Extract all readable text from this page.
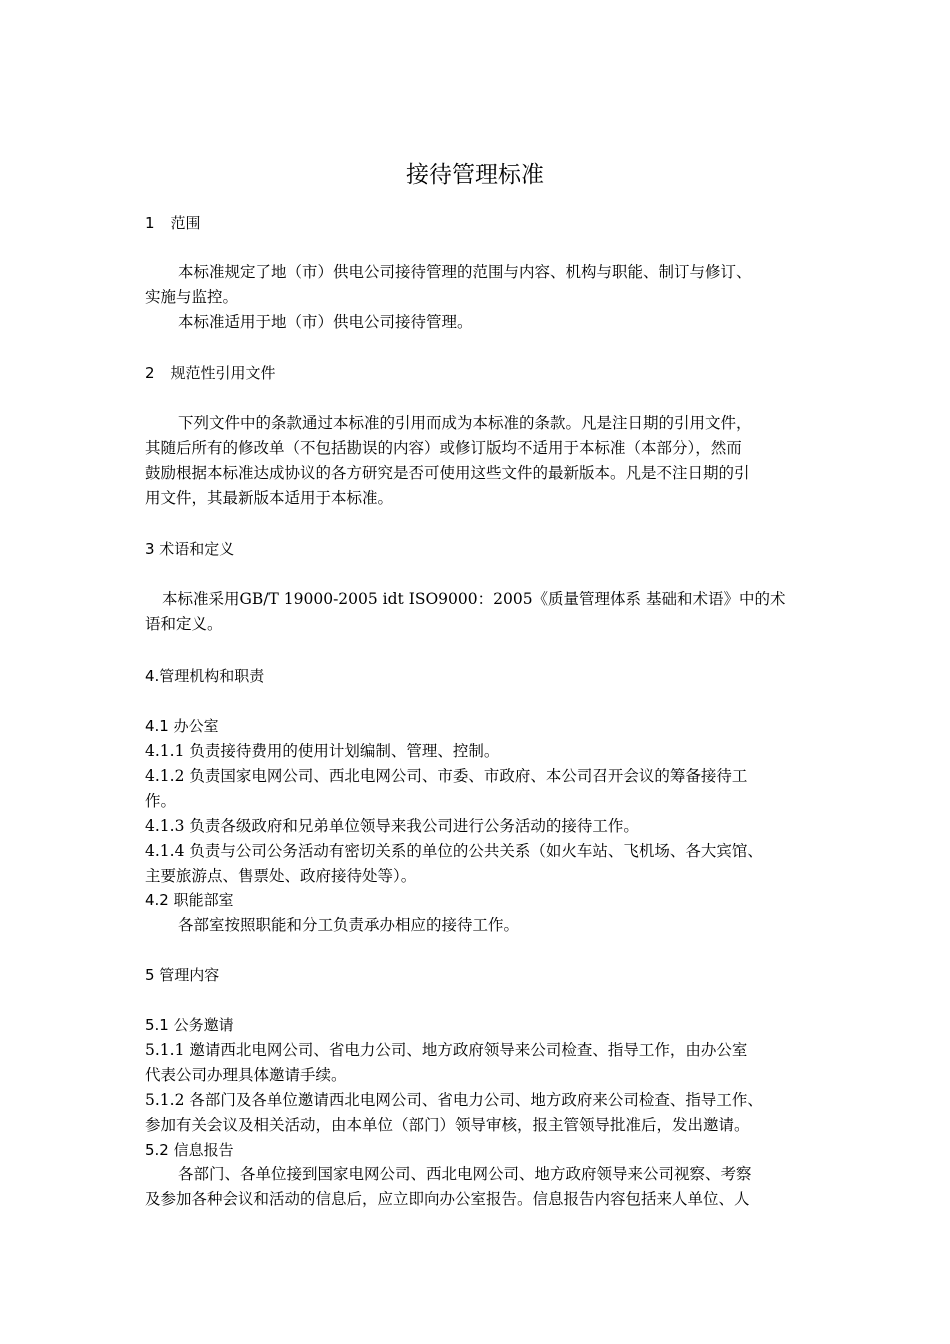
接待管理标准
1 范围
本标准规定了地（市）供电公司接待管理的范围与内容、机构与职能、制订与修订、
实施与监控。
本标准适用于地（市）供电公司接待管理。
2 规范性引用文件
下列文件中的条款通过本标准的引用而成为本标准的条款。凡是注日期的引用文件，
其随后所有的修改单（不包括勘误的内容）或修订版均不适用于本标准（本部分），然而
鼓励根据本标准达成协议的各方研究是否可使用这些文件的最新版本。凡是不注日期的引
用文件，其最新版本适用于本标准。
3 术语和定义
本标准采用GB/T 19000-2005 idt ISO9000：2005《质量管理体系 基础和术语》中的术
语和定义。
4.管理机构和职责
4.1 办公室
4.1.1 负责接待费用的使用计划编制、管理、控制。
4.1.2 负责国家电网公司、西北电网公司、市委、市政府、本公司召开会议的筹备接待工
作。
4.1.3 负责各级政府和兄弟单位领导来我公司进行公务活动的接待工作。
4.1.4 负责与公司公务活动有密切关系的单位的公共关系（如火车站、飞机场、各大宾馆、
主要旅游点、售票处、政府接待处等）。
4.2 职能部室
各部室按照职能和分工负责承办相应的接待工作。
5 管理内容
5.1 公务邀请
5.1.1 邀请西北电网公司、省电力公司、地方政府领导来公司检查、指导工作，由办公室
代表公司办理具体邀请手续。
5.1.2 各部门及各单位邀请西北电网公司、省电力公司、地方政府来公司检查、指导工作、
参加有关会议及相关活动，由本单位（部门）领导审核，报主管领导批准后，发出邀请。
5.2 信息报告
各部门、各单位接到国家电网公司、西北电网公司、地方政府领导来公司视察、考察
及参加各种会议和活动的信息后，应立即向办公室报告。信息报告内容包括来人单位、人
